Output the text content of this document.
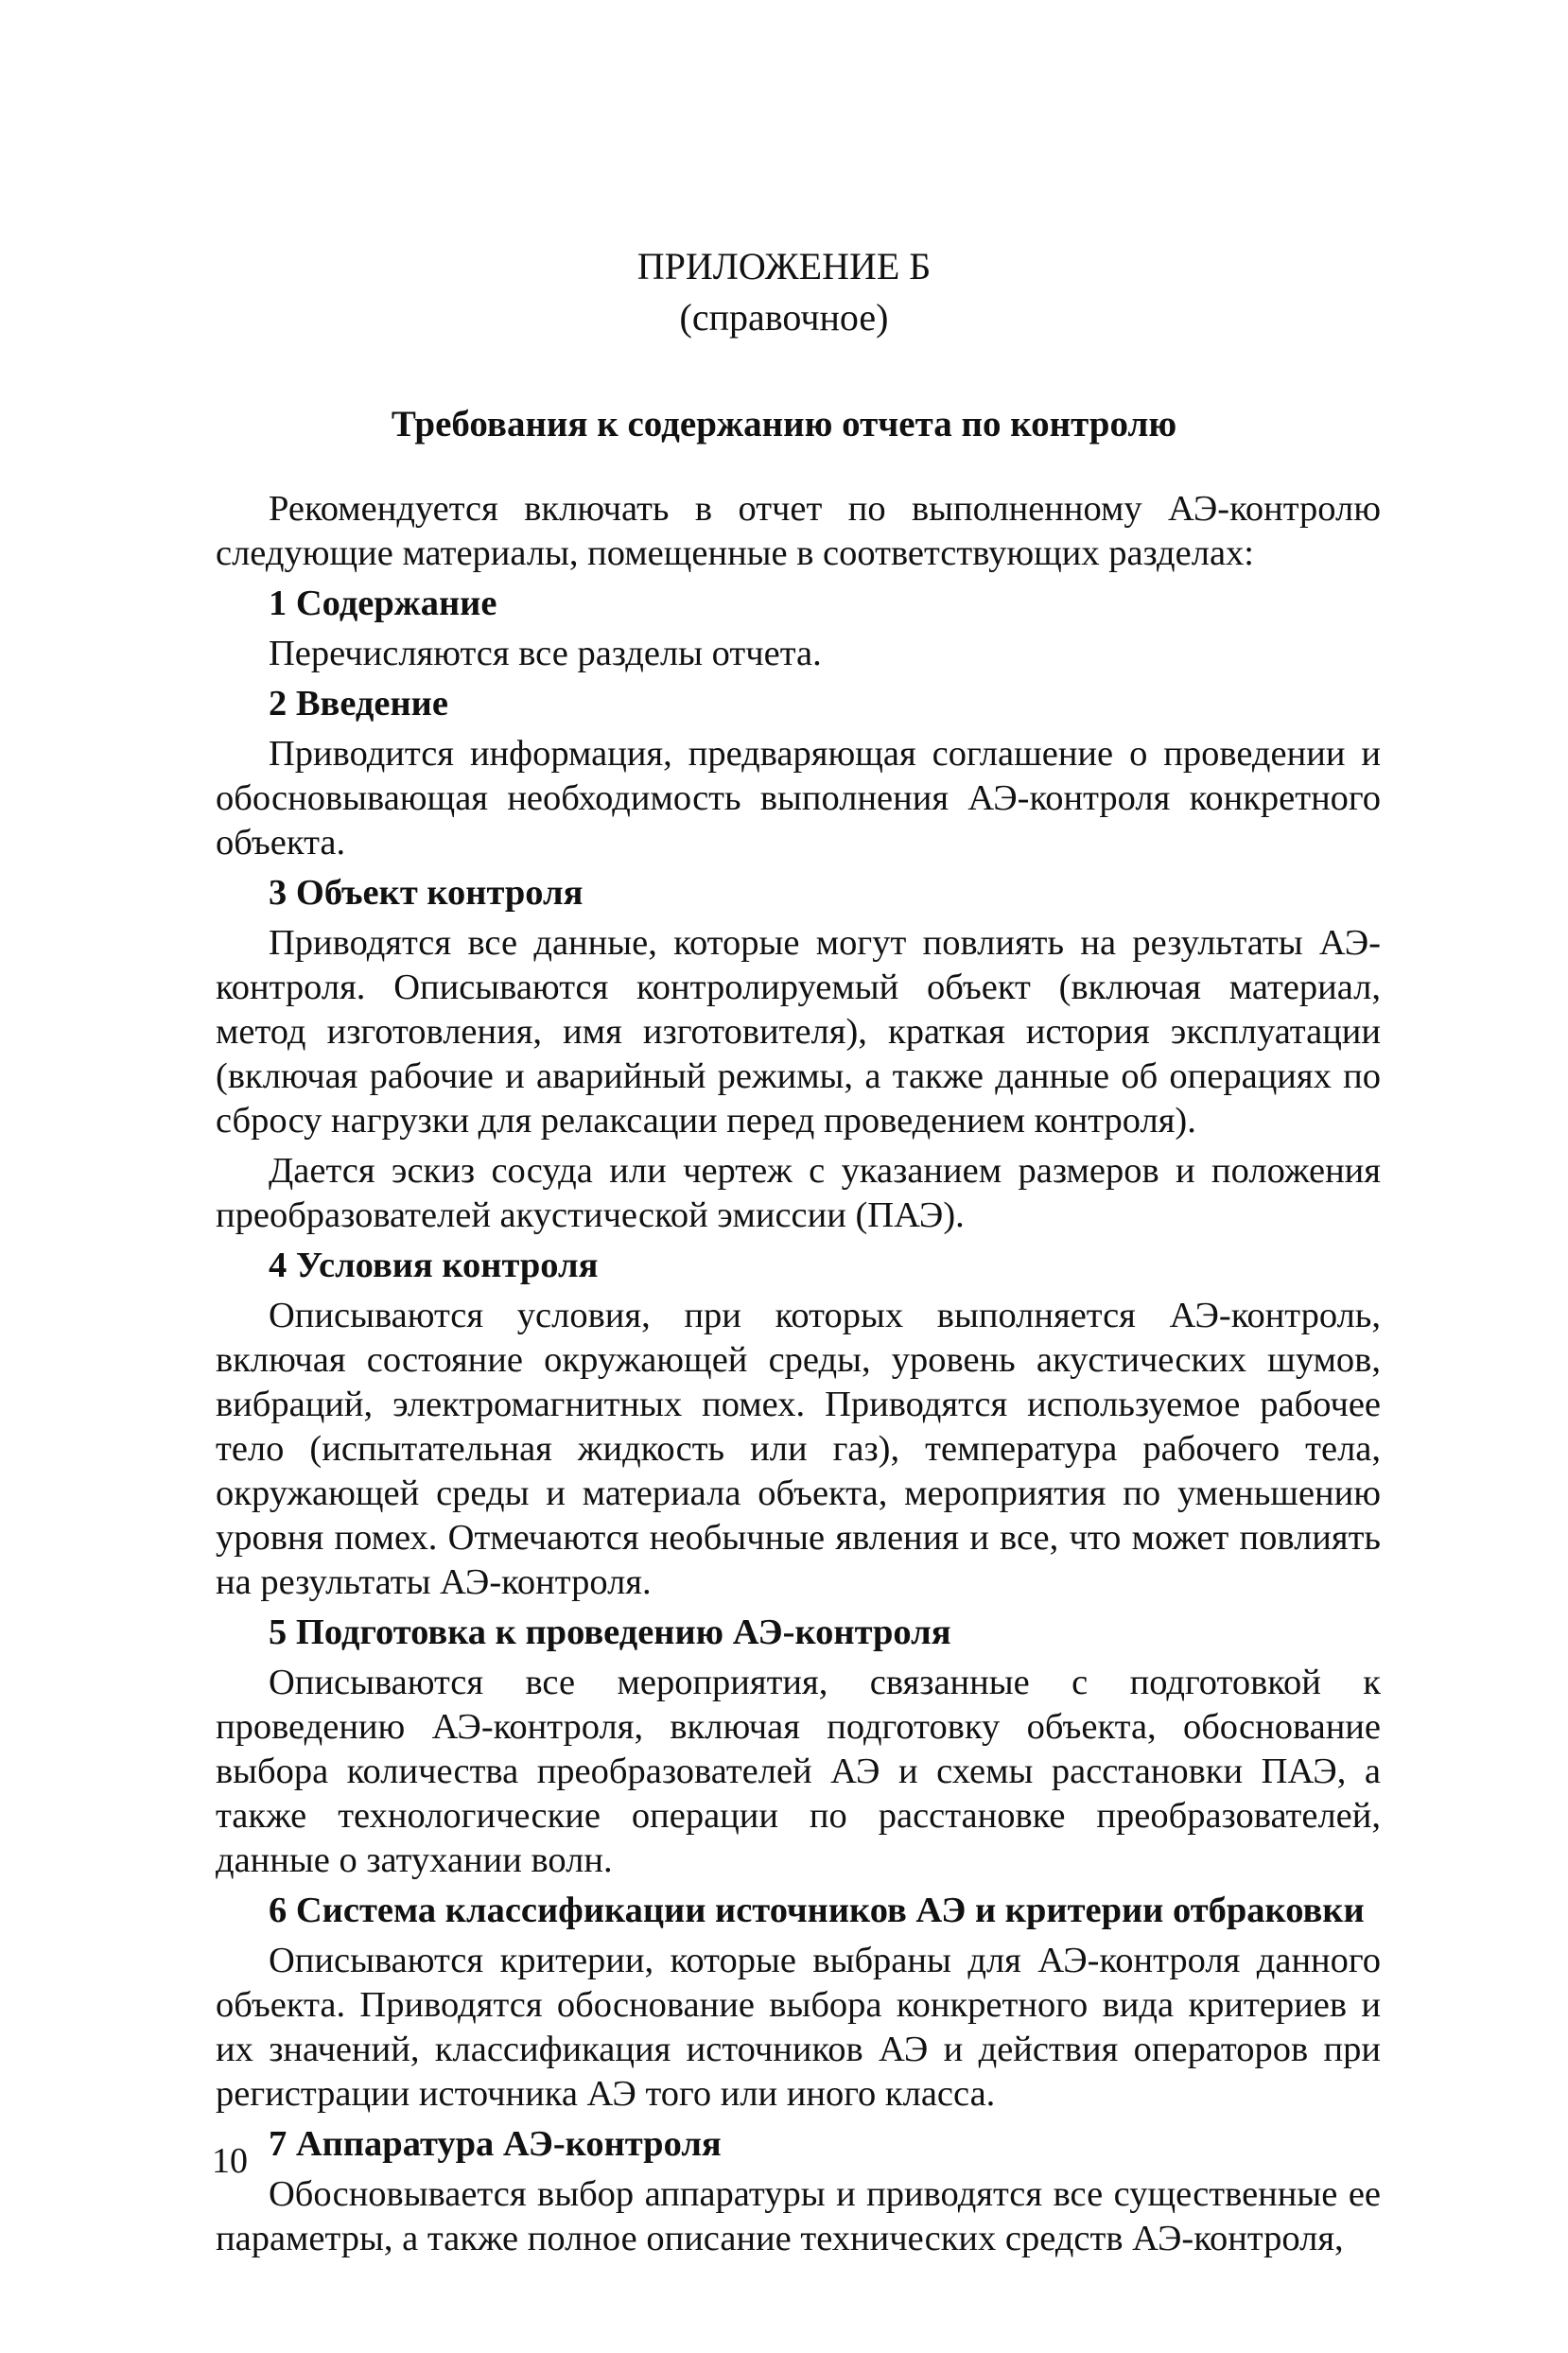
ПРИЛОЖЕНИЕ Б
(справочное)
Требования к содержанию отчета по контролю

Рекомендуется включать в отчет по выполненному АЭ-контролю следующие материалы, помещенные в соответствующих разделах:

1 Содержание

Перечисляются все разделы отчета.

2 Введение

Приводится информация, предваряющая соглашение о проведении и обосновывающая необходимость выполнения АЭ-контроля конкретного объекта.

3 Объект контроля

Приводятся все данные, которые могут повлиять на результаты АЭ-контроля. Описываются контролируемый объект (включая материал, метод изготовления, имя изготовителя), краткая история эксплуатации (включая рабочие и аварийный режимы, а также данные об операциях по сбросу нагрузки для релаксации перед проведением контроля).

Дается эскиз сосуда или чертеж с указанием размеров и положения преобразователей акустической эмиссии (ПАЭ).

4 Условия контроля

Описываются условия, при которых выполняется АЭ-контроль, включая состояние окружающей среды, уровень акустических шумов, вибраций, электромагнитных помех. Приводятся используемое рабочее тело (испытательная жидкость или газ), температура рабочего тела, окружающей среды и материала объекта, мероприятия по уменьшению уровня помех. Отмечаются необычные явления и все, что может повлиять на результаты АЭ-контроля.

5 Подготовка к проведению АЭ-контроля

Описываются все мероприятия, связанные с подготовкой к проведению АЭ-контроля, включая подготовку объекта, обоснование выбора количества преобразователей АЭ и схемы расстановки ПАЭ, а также технологические операции по расстановке преобразователей, данные о затухании волн.

6 Система классификации источников АЭ и критерии отбраковки

Описываются критерии, которые выбраны для АЭ-контроля данного объекта. Приводятся обоснование выбора конкретного вида критериев и их значений, классификация источников АЭ и действия операторов при регистрации источника АЭ того или иного класса.

7 Аппаратура АЭ-контроля

Обосновывается выбор аппаратуры и приводятся все существенные ее параметры, а также полное описание технических средств АЭ-контроля,

10
